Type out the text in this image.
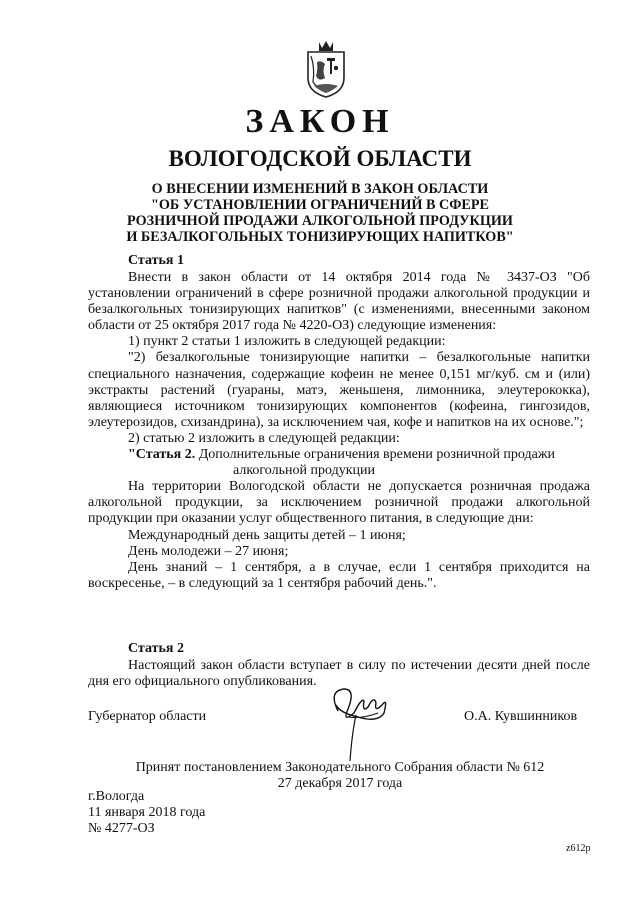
ЗАКОН
ВОЛОГОДСКОЙ ОБЛАСТИ
О ВНЕСЕНИИ ИЗМЕНЕНИЙ В ЗАКОН ОБЛАСТИ
"ОБ УСТАНОВЛЕНИИ ОГРАНИЧЕНИЙ В СФЕРЕ
РОЗНИЧНОЙ ПРОДАЖИ АЛКОГОЛЬНОЙ ПРОДУКЦИИ
И БЕЗАЛКОГОЛЬНЫХ ТОНИЗИРУЮЩИХ НАПИТКОВ"
Статья 1

Внести в закон области от 14 октября 2014 года № 3437-ОЗ "Об установлении ограничений в сфере розничной продажи алкогольной продукции и безалкогольных тонизирующих напитков" (с изменениями, внесенными законом области от 25 октября 2017 года № 4220-ОЗ) следующие изменения:

1) пункт 2 статьи 1 изложить в следующей редакции:

"2) безалкогольные тонизирующие напитки – безалкогольные напитки специального назначения, содержащие кофеин не менее 0,151 мг/куб. см и (или) экстракты растений (гуараны, матэ, женьшеня, лимонника, элеутерококка), являющиеся источником тонизирующих компонентов (кофеина, гингозидов, элеутерозидов, схизандрина), за исключением чая, кофе и напитков на их основе.";

2) статью 2 изложить в следующей редакции:

"Статья 2. Дополнительные ограничения времени розничной продажи

алкогольной продукции

На территории Вологодской области не допускается розничная продажа алкогольной продукции, за исключением розничной продажи алкогольной продукции при оказании услуг общественного питания, в следующие дни:

Международный день защиты детей – 1 июня;

День молодежи – 27 июня;

День знаний – 1 сентября, а в случае, если 1 сентября приходится на воскресенье, – в следующий за 1 сентября рабочий день.".

Статья 2

Настоящий закон области вступает в силу по истечении десяти дней после дня его официального опубликования.

Губернатор области	О.А. Кувшинников
Принят постановлением Законодательного Собрания области № 612
27 декабря 2017 года
г.Вологда
11 января 2018 года
№ 4277-ОЗ
z612p
